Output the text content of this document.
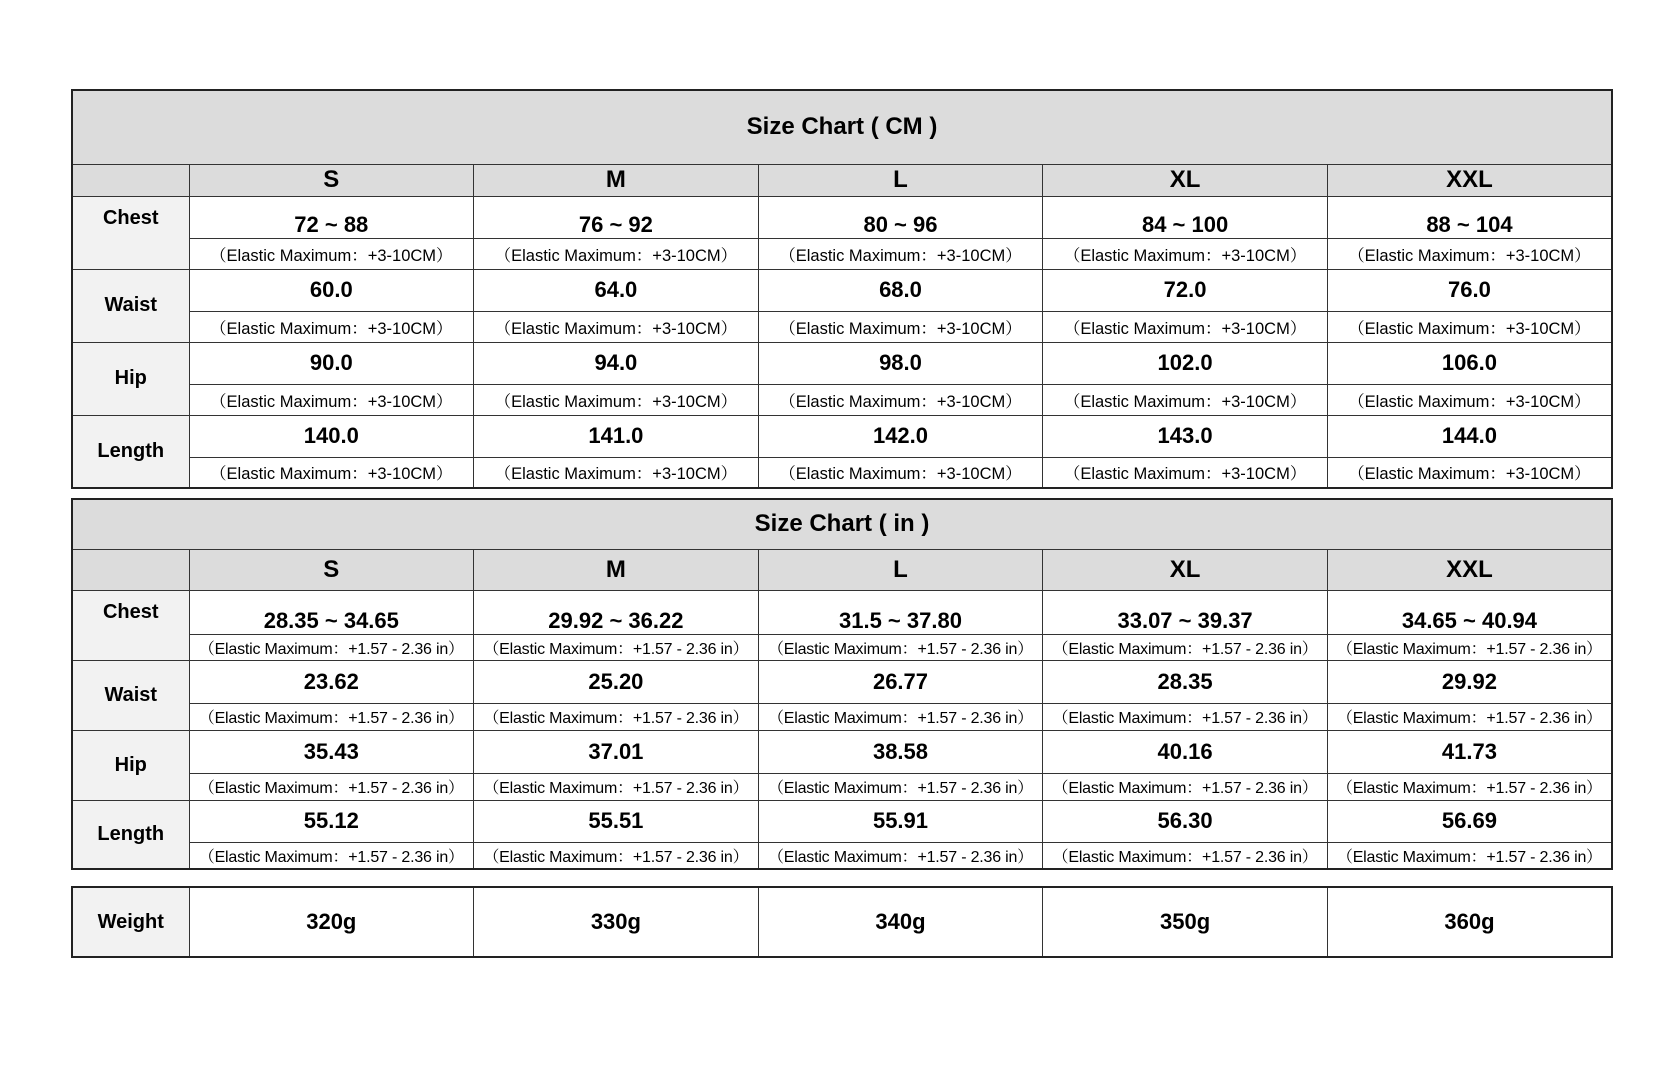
Size Chart ( CM )					
	S	M	L	XL	XXL
Chest	72 ~ 88	76 ~ 92	80 ~ 96	84 ~ 100	88 ~ 104
	（Elastic Maximum：+3-10CM）	（Elastic Maximum：+3-10CM）	（Elastic Maximum：+3-10CM）	（Elastic Maximum：+3-10CM）	（Elastic Maximum：+3-10CM）
Waist	60.0	64.0	68.0	72.0	76.0
	（Elastic Maximum：+3-10CM）	（Elastic Maximum：+3-10CM）	（Elastic Maximum：+3-10CM）	（Elastic Maximum：+3-10CM）	（Elastic Maximum：+3-10CM）
Hip	90.0	94.0	98.0	102.0	106.0
	（Elastic Maximum：+3-10CM）	（Elastic Maximum：+3-10CM）	（Elastic Maximum：+3-10CM）	（Elastic Maximum：+3-10CM）	（Elastic Maximum：+3-10CM）
Length	140.0	141.0	142.0	143.0	144.0
	（Elastic Maximum：+3-10CM）	（Elastic Maximum：+3-10CM）	（Elastic Maximum：+3-10CM）	（Elastic Maximum：+3-10CM）	（Elastic Maximum：+3-10CM）
Size Chart ( in )					
	S	M	L	XL	XXL
Chest	28.35 ~ 34.65	29.92 ~ 36.22	31.5 ~ 37.80	33.07 ~ 39.37	34.65 ~ 40.94
	（Elastic Maximum：+1.57 - 2.36 in）	（Elastic Maximum：+1.57 - 2.36 in）	（Elastic Maximum：+1.57 - 2.36 in）	（Elastic Maximum：+1.57 - 2.36 in）	（Elastic Maximum：+1.57 - 2.36 in）
Waist	23.62	25.20	26.77	28.35	29.92
	（Elastic Maximum：+1.57 - 2.36 in）	（Elastic Maximum：+1.57 - 2.36 in）	（Elastic Maximum：+1.57 - 2.36 in）	（Elastic Maximum：+1.57 - 2.36 in）	（Elastic Maximum：+1.57 - 2.36 in）
Hip	35.43	37.01	38.58	40.16	41.73
	（Elastic Maximum：+1.57 - 2.36 in）	（Elastic Maximum：+1.57 - 2.36 in）	（Elastic Maximum：+1.57 - 2.36 in）	（Elastic Maximum：+1.57 - 2.36 in）	（Elastic Maximum：+1.57 - 2.36 in）
Length	55.12	55.51	55.91	56.30	56.69
	（Elastic Maximum：+1.57 - 2.36 in）	（Elastic Maximum：+1.57 - 2.36 in）	（Elastic Maximum：+1.57 - 2.36 in）	（Elastic Maximum：+1.57 - 2.36 in）	（Elastic Maximum：+1.57 - 2.36 in）
Weight	320g	330g	340g	350g	360g
